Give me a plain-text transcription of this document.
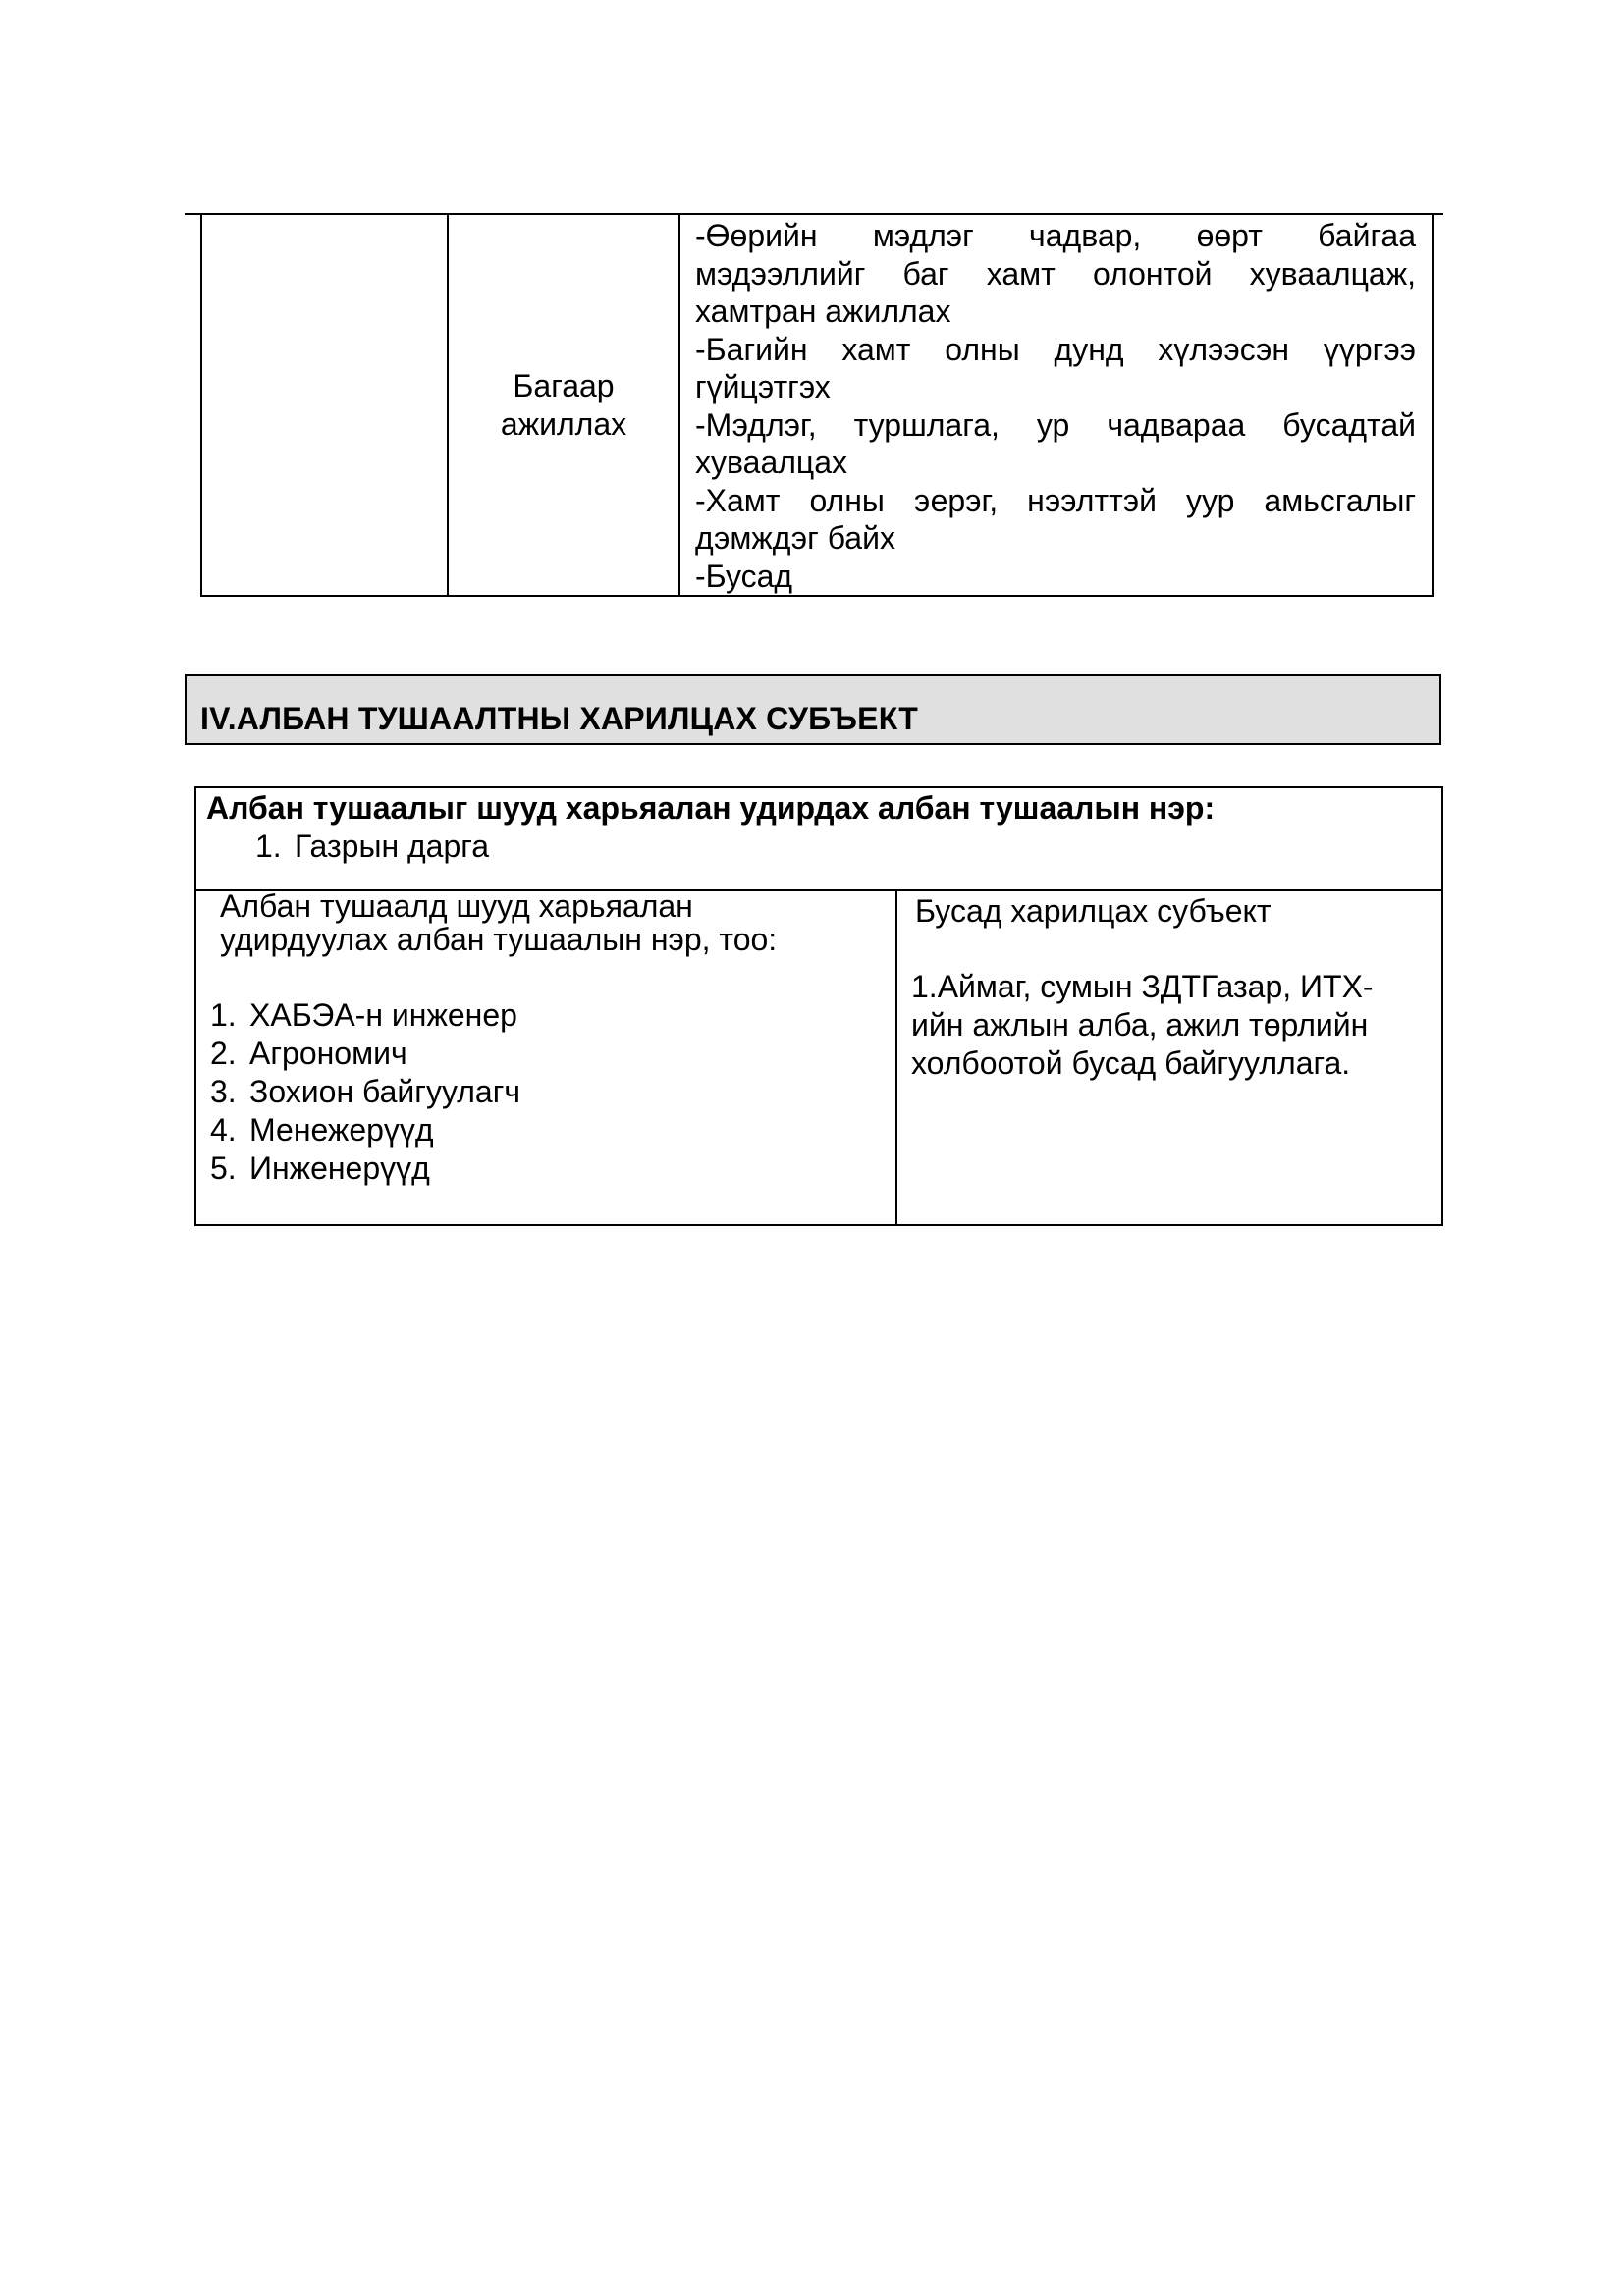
Багаар
ажиллах

-Өөрийн мэдлэг чадвар, өөрт байгаа
мэдээллийг баг хамт олонтой хуваалцаж,
хамтран ажиллах
-Багийн хамт олны дунд хүлээсэн үүргээ
гүйцэтгэх
-Мэдлэг, туршлага, ур чадвараа бусадтай
хуваалцах
-Хамт олны эерэг, нээлттэй уур амьсгалыг
дэмждэг байх
-Бусад
IV.АЛБАН ТУШААЛТНЫ ХАРИЛЦАХ СУБЪЕКТ
Албан тушаалыг шууд харьяалан удирдах албан тушаалын нэр:
1. Газрын дарга
Албан тушаалд шууд харьяалан
удирдуулах албан тушаалын нэр, тоо:
1. ХАБЭА-н инженер
2. Агрономич
3. Зохион байгуулагч
4. Менежерүүд
5. Инженерүүд
Бусад харилцах субъект
1.Аймаг, сумын ЗДТГазар, ИТХ-
ийн ажлын алба, ажил төрлийн
холбоотой бусад байгууллага.
